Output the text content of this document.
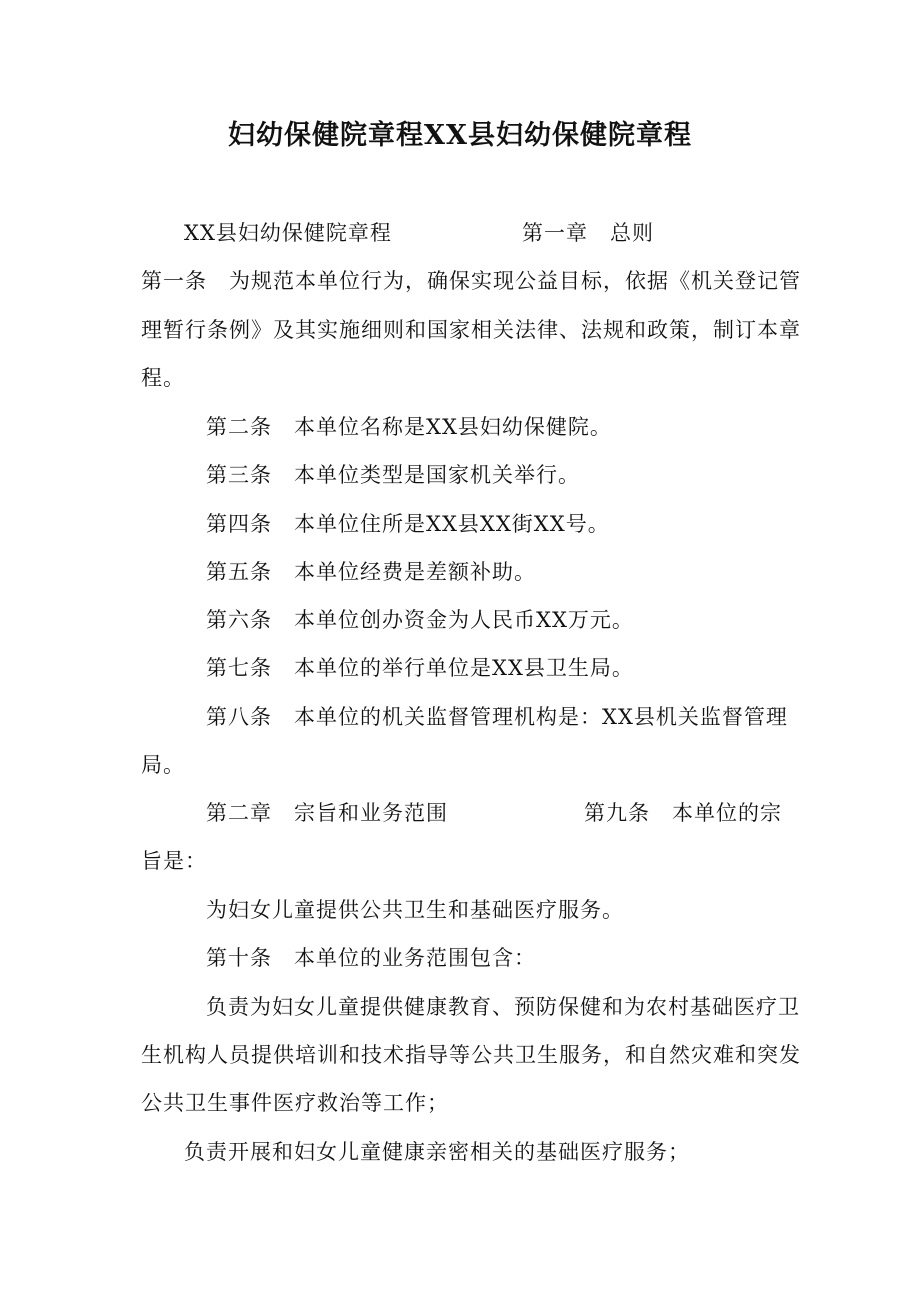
妇幼保健院章程XX县妇幼保健院章程
XX县妇幼保健院章程	第一章　总则
第一条　为规范本单位行为，确保实现公益目标，依据《机关登记管
理暂行条例》及其实施细则和国家相关法律、法规和政策，制订本章
程。
第二条　本单位名称是XX县妇幼保健院。
第三条　本单位类型是国家机关举行。
第四条　本单位住所是XX县XX街XX号。
第五条　本单位经费是差额补助。
第六条　本单位创办资金为人民币XX万元。
第七条　本单位的举行单位是XX县卫生局。
第八条　本单位的机关监督管理机构是：XX县机关监督管理
局。
第二章　宗旨和业务范围	第九条　本单位的宗
旨是：
为妇女儿童提供公共卫生和基础医疗服务。
第十条　本单位的业务范围包含：
负责为妇女儿童提供健康教育、预防保健和为农村基础医疗卫
生机构人员提供培训和技术指导等公共卫生服务，和自然灾难和突发
公共卫生事件医疗救治等工作；
负责开展和妇女儿童健康亲密相关的基础医疗服务；
